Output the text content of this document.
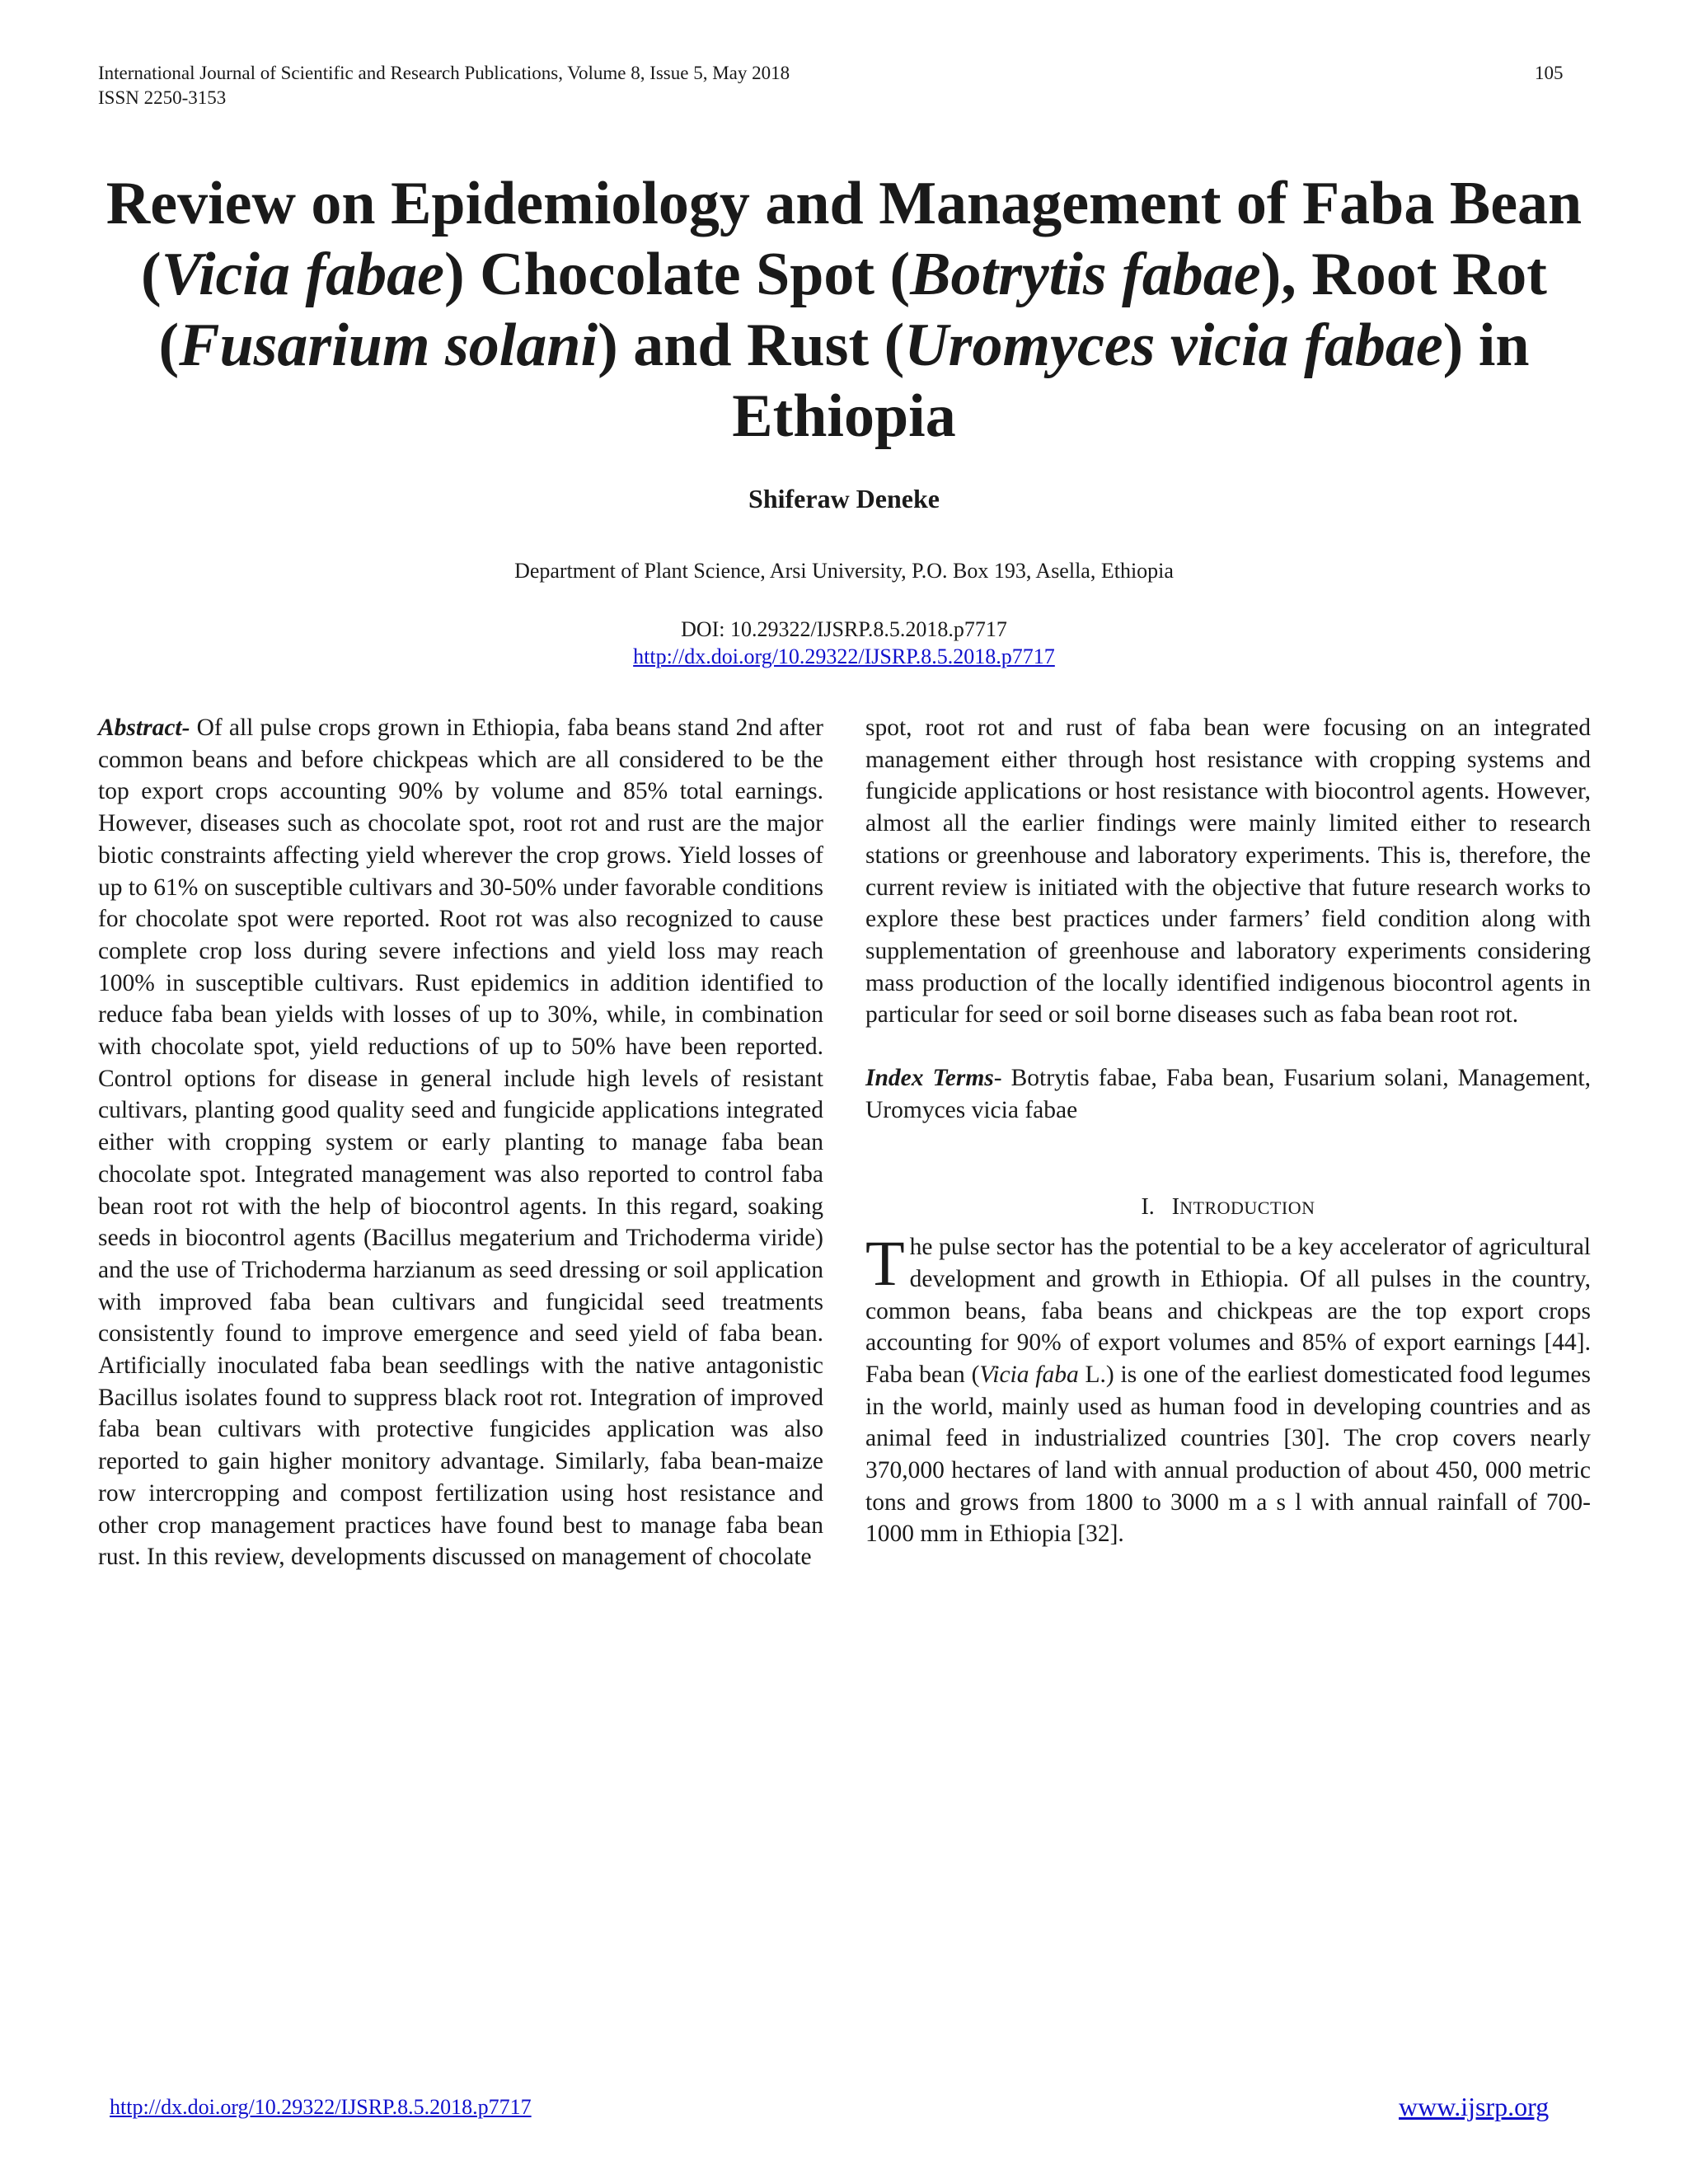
International Journal of Scientific and Research Publications, Volume 8, Issue 5, May 2018
ISSN 2250-3153
105
Review on Epidemiology and Management of Faba Bean
(Vicia fabae) Chocolate Spot (Botrytis fabae), Root Rot
(Fusarium solani) and Rust (Uromyces vicia fabae) in
Ethiopia
Shiferaw Deneke
Department of Plant Science, Arsi University, P.O. Box 193, Asella, Ethiopia
DOI: 10.29322/IJSRP.8.5.2018.p7717
http://dx.doi.org/10.29322/IJSRP.8.5.2018.p7717

Abstract- Of all pulse crops grown in Ethiopia, faba beans stand 2nd after common beans and before chickpeas which are all considered to be the top export crops accounting 90% by volume and 85% total earnings. However, diseases such as chocolate spot, root rot and rust are the major biotic constraints affecting yield wherever the crop grows. Yield losses of up to 61% on susceptible cultivars and 30-50% under favorable conditions for chocolate spot were reported. Root rot was also recognized to cause complete crop loss during severe infections and yield loss may reach 100% in susceptible cultivars. Rust epidemics in addition identified to reduce faba bean yields with losses of up to 30%, while, in combination with chocolate spot, yield reductions of up to 50% have been reported. Control options for disease in general include high levels of resistant cultivars, planting good quality seed and fungicide applications integrated either with cropping system or early planting to manage faba bean chocolate spot. Integrated management was also reported to control faba bean root rot with the help of biocontrol agents. In this regard, soaking seeds in biocontrol agents (Bacillus megaterium and Trichoderma viride) and the use of Trichoderma harzianum as seed dressing or soil application with improved faba bean cultivars and fungicidal seed treatments consistently found to improve emergence and seed yield of faba bean. Artificially inoculated faba bean seedlings with the native antagonistic Bacillus isolates found to suppress black root rot. Integration of improved faba bean cultivars with protective fungicides application was also reported to gain higher monitory advantage. Similarly, faba bean-maize row intercropping and compost fertilization using host resistance and other crop management practices have found best to manage faba bean rust. In this review, developments discussed on management of chocolate

spot, root rot and rust of faba bean were focusing on an integrated management either through host resistance with cropping systems and fungicide applications or host resistance with biocontrol agents. However, almost all the earlier findings were mainly limited either to research stations or greenhouse and laboratory experiments. This is, therefore, the current review is initiated with the objective that future research works to explore these best practices under farmers’ field condition along with supplementation of greenhouse and laboratory experiments considering mass production of the locally identified indigenous biocontrol agents in particular for seed or soil borne diseases such as faba bean root rot.

Index Terms- Botrytis fabae, Faba bean, Fusarium solani, Management, Uromyces vicia fabae

I. INTRODUCTION

The pulse sector has the potential to be a key accelerator of agricultural development and growth in Ethiopia. Of all pulses in the country, common beans, faba beans and chickpeas are the top export crops accounting for 90% of export volumes and 85% of export earnings [44]. Faba bean (Vicia faba L.) is one of the earliest domesticated food legumes in the world, mainly used as human food in developing countries and as animal feed in industrialized countries [30]. The crop covers nearly 370,000 hectares of land with annual production of about 450, 000 metric tons and grows from 1800 to 3000 m a s l with annual rainfall of 700-1000 mm in Ethiopia [32].

http://dx.doi.org/10.29322/IJSRP.8.5.2018.p7717	www.ijsrp.org
